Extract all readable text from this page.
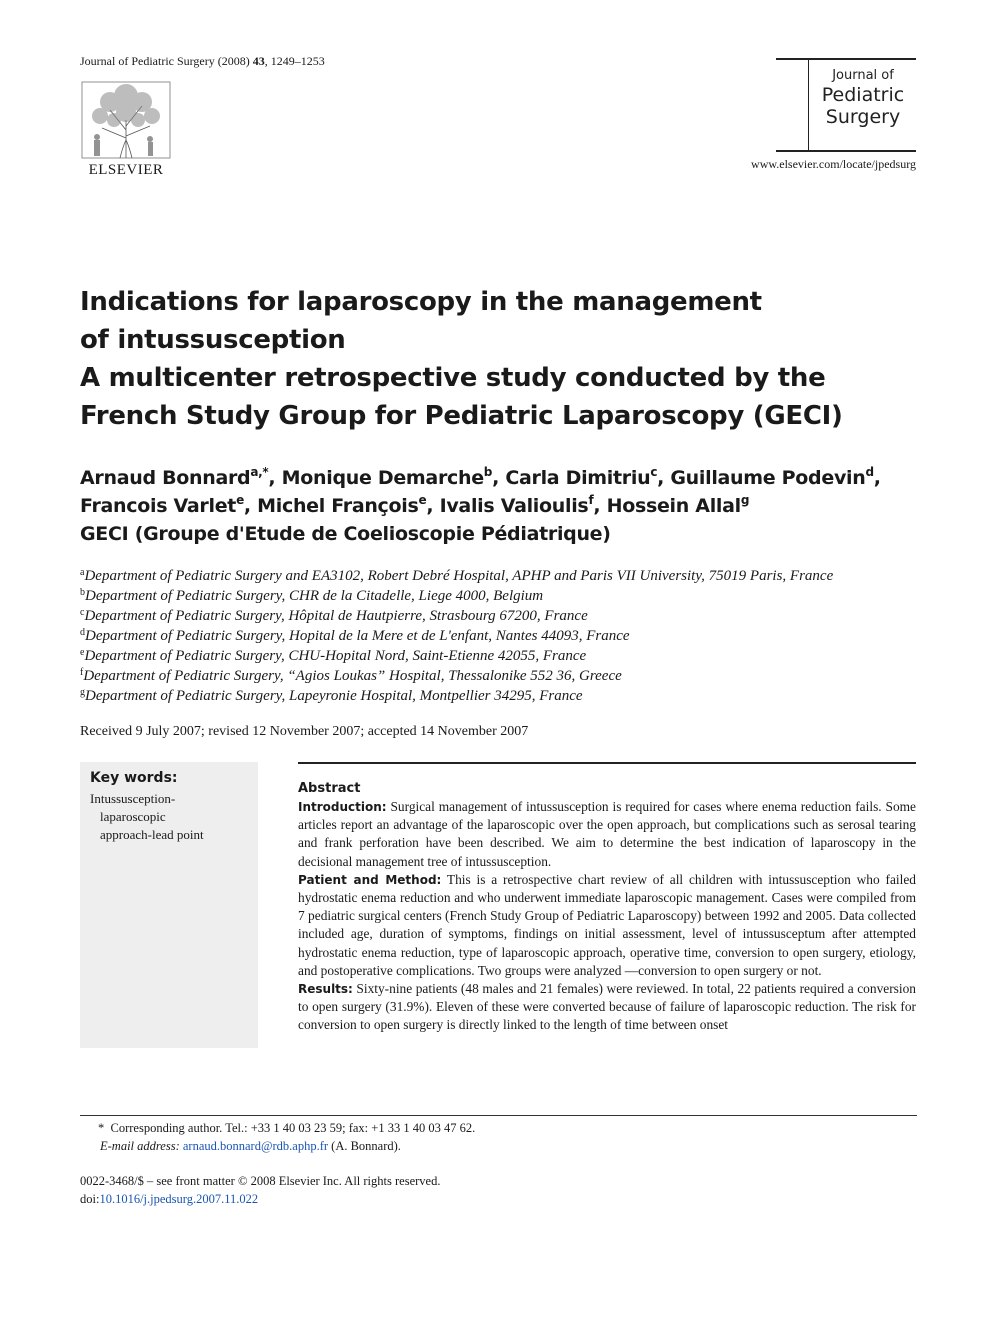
Journal of Pediatric Surgery (2008) 43, 1249–1253
ELSEVIER
Journal of
Pediatric
Surgery
www.elsevier.com/locate/jpedsurg
Indications for laparoscopy in the management
of intussusception
A multicenter retrospective study conducted by the
French Study Group for Pediatric Laparoscopy (GECI)
Arnaud Bonnard$^{a,*}$, Monique Demarche$^b$, Carla Dimitriu$^c$, Guillaume Podevin$^d$,
Francois Varlet$^e$, Michel François$^e$, Ivalis Valioulis$^f$, Hossein Allal$^g$
GECI (Groupe d'Etude de Coelioscopie Pédiatrique)
$^a$Department of Pediatric Surgery and EA3102, Robert Debré Hospital, APHP and Paris VII University, 75019 Paris, France
$^b$Department of Pediatric Surgery, CHR de la Citadelle, Liege 4000, Belgium
$^c$Department of Pediatric Surgery, Hôpital de Hautpierre, Strasbourg 67200, France
$^d$Department of Pediatric Surgery, Hopital de la Mere et de L'enfant, Nantes 44093, France
$^e$Department of Pediatric Surgery, CHU-Hopital Nord, Saint-Etienne 42055, France
$^f$Department of Pediatric Surgery, “Agios Loukas” Hospital, Thessalonike 552 36, Greece
$^g$Department of Pediatric Surgery, Lapeyronie Hospital, Montpellier 34295, France
Received 9 July 2007; revised 12 November 2007; accepted 14 November 2007
Key words:
Intussusception-
laparoscopic
approach-lead point
Abstract

Introduction: Surgical management of intussusception is required for cases where enema reduction fails. Some articles report an advantage of the laparoscopic over the open approach, but complications such as serosal tearing and frank perforation have been described. We aim to determine the best indication of laparoscopy in the decisional management tree of intussusception.

Patient and Method: This is a retrospective chart review of all children with intussusception who failed hydrostatic enema reduction and who underwent immediate laparoscopic management. Cases were compiled from 7 pediatric surgical centers (French Study Group of Pediatric Laparoscopy) between 1992 and 2005. Data collected included age, duration of symptoms, findings on initial assessment, level of intussusceptum after attempted hydrostatic enema reduction, type of laparoscopic approach, operative time, conversion to open surgery, etiology, and postoperative complications. Two groups were analyzed —conversion to open surgery or not.

Results: Sixty-nine patients (48 males and 21 females) were reviewed. In total, 22 patients required a conversion to open surgery (31.9%). Eleven of these were converted because of failure of laparoscopic reduction. The risk for conversion to open surgery is directly linked to the length of time between onset

* Corresponding author. Tel.: +33 1 40 03 23 59; fax: +1 33 1 40 03 47 62.
E-mail address: arnaud.bonnard@rdb.aphp.fr (A. Bonnard).
0022-3468/$ – see front matter © 2008 Elsevier Inc. All rights reserved.
doi:10.1016/j.jpedsurg.2007.11.022
